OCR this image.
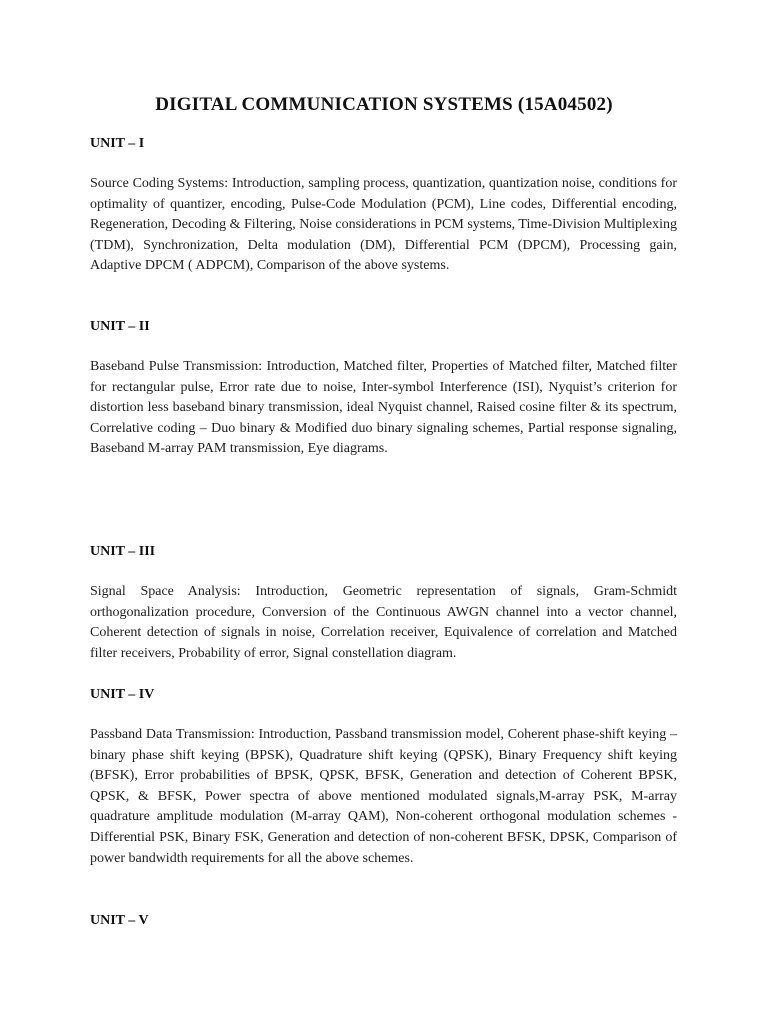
DIGITAL COMMUNICATION SYSTEMS (15A04502)
UNIT – I

Source Coding Systems: Introduction, sampling process, quantization, quantization noise, conditions for optimality of quantizer, encoding, Pulse-Code Modulation (PCM), Line codes, Differential encoding, Regeneration, Decoding & Filtering, Noise considerations in PCM systems, Time-Division Multiplexing (TDM), Synchronization, Delta modulation (DM), Differential PCM (DPCM), Processing gain, Adaptive DPCM ( ADPCM), Comparison of the above systems.

UNIT – II

Baseband Pulse Transmission: Introduction, Matched filter, Properties of Matched filter, Matched filter for rectangular pulse, Error rate due to noise, Inter-symbol Interference (ISI), Nyquist’s criterion for distortion less baseband binary transmission, ideal Nyquist channel, Raised cosine filter & its spectrum, Correlative coding – Duo binary & Modified duo binary signaling schemes, Partial response signaling, Baseband M-array PAM transmission, Eye diagrams.

UNIT – III

Signal Space Analysis: Introduction, Geometric representation of signals, Gram-Schmidt orthogonalization procedure, Conversion of the Continuous AWGN channel into a vector channel, Coherent detection of signals in noise, Correlation receiver, Equivalence of correlation and Matched filter receivers, Probability of error, Signal constellation diagram.

UNIT – IV

Passband Data Transmission: Introduction, Passband transmission model, Coherent phase-shift keying – binary phase shift keying (BPSK), Quadrature shift keying (QPSK), Binary Frequency shift keying (BFSK), Error probabilities of BPSK, QPSK, BFSK, Generation and detection of Coherent BPSK, QPSK, & BFSK, Power spectra of above mentioned modulated signals,M-array PSK, M-array quadrature amplitude modulation (M-array QAM), Non-coherent orthogonal modulation schemes -Differential PSK, Binary FSK, Generation and detection of non-coherent BFSK, DPSK, Comparison of power bandwidth requirements for all the above schemes.

UNIT – V
